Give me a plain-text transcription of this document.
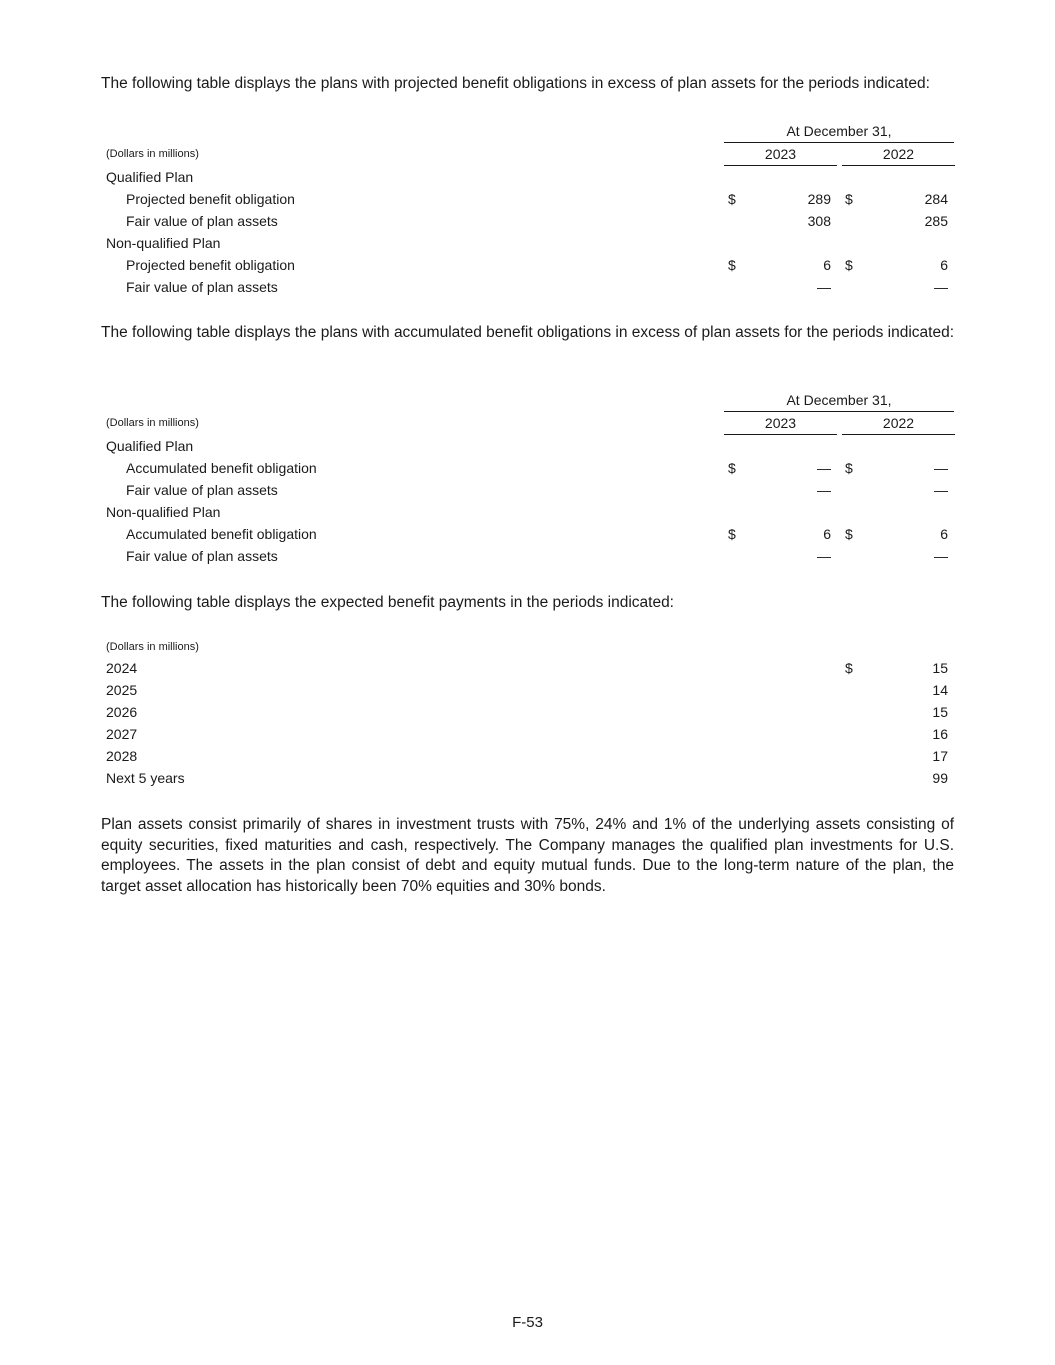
The following table displays the plans with projected benefit obligations in excess of plan assets for the periods indicated:

At December 31,
(Dollars in millions)	2023	2022
Qualified Plan
Projected benefit obligation	$	289 $	284
Fair value of plan assets	308	285
Non-qualified Plan
Projected benefit obligation	$	6 $	6
Fair value of plan assets	—	—

The following table displays the plans with accumulated benefit obligations in excess of plan assets for the periods indicated:

At December 31,
(Dollars in millions)	2023	2022
Qualified Plan
Accumulated benefit obligation	$	— $	—
Fair value of plan assets	—	—
Non-qualified Plan
Accumulated benefit obligation	$	6 $	6
Fair value of plan assets	—	—

The following table displays the expected benefit payments in the periods indicated:

(Dollars in millions)
2024	$	15
2025	14
2026	15
2027	16
2028	17
Next 5 years	99

Plan assets consist primarily of shares in investment trusts with 75%, 24% and 1% of the underlying assets consisting of equity securities, fixed maturities and cash, respectively. The Company manages the qualified plan investments for U.S. employees. The assets in the plan consist of debt and equity mutual funds. Due to the long-term nature of the plan, the target asset allocation has historically been 70% equities and 30% bonds.

F-53
